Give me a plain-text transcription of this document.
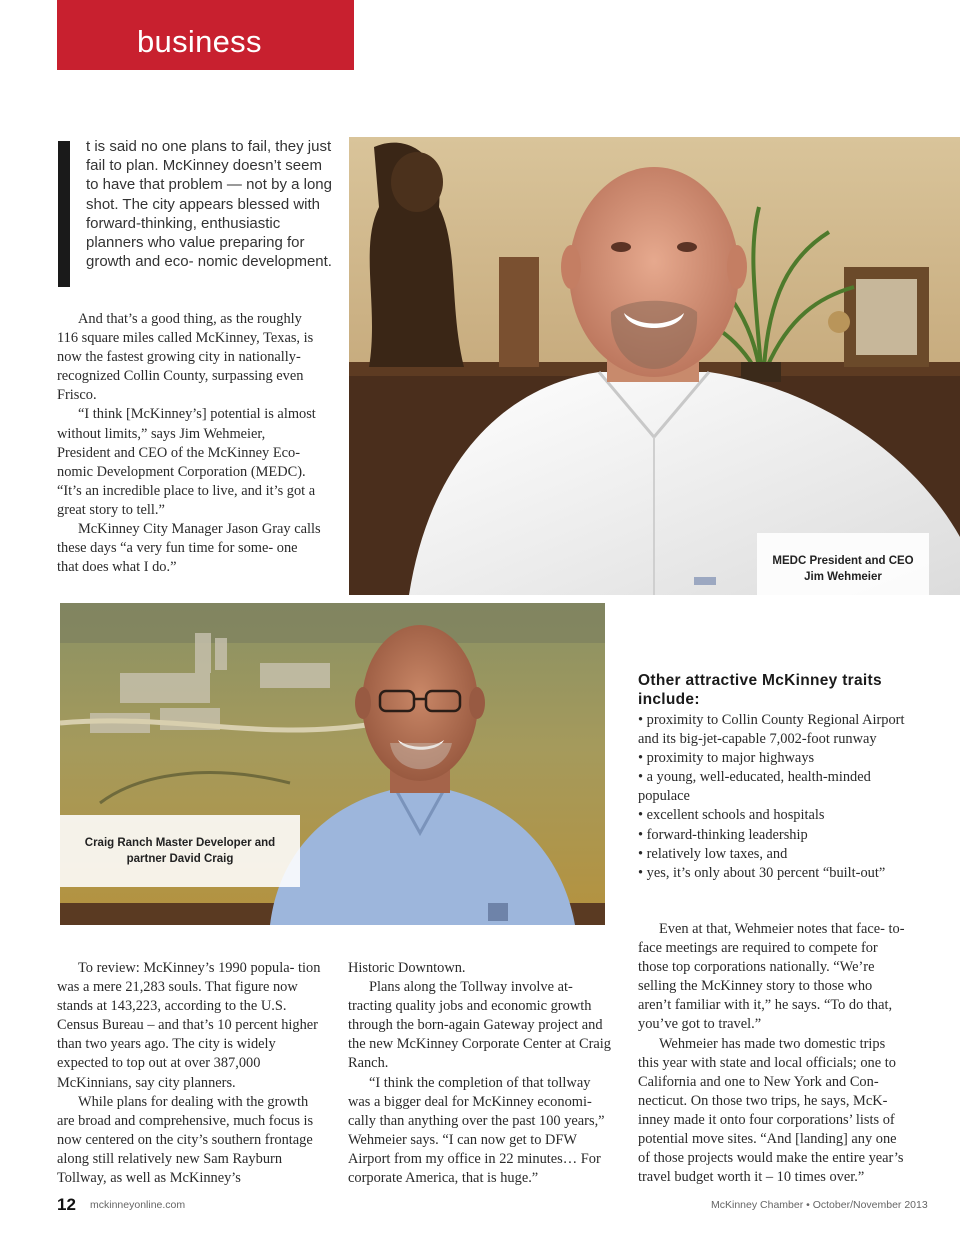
business

t is said no one plans to fail, they just fail to plan. McKinney doesn’t seem to have that problem — not by a long shot. The city appears blessed with forward-thinking, enthusiastic planners who value preparing for growth and eco- nomic development.

And that’s a good thing, as the roughly 116 square miles called McKinney, Texas, is now the fastest growing city in nationally-recognized Collin County, surpassing even Frisco.

“I think [McKinney’s] potential is almost without limits,” says Jim Wehmeier, President and CEO of the McKinney Eco- nomic Development Corporation (MEDC). “It’s an incredible place to live, and it’s got a great story to tell.”

McKinney City Manager Jason Gray calls these days “a very fun time for some- one that does what I do.”	MEDC President and CEO
Jim Wehmeier
Craig Ranch Master Developer and
partner David Craig
Other attractive McKinney traits include:
• proximity to Collin County Regional Airport and its big-jet-capable 7,002-foot runway
• proximity to major highways
• a young, well-educated, health-minded populace
• excellent schools and hospitals
• forward-thinking leadership
• relatively low taxes, and
• yes, it’s only about 30 percent “built-out”

To review: McKinney’s 1990 popula- tion was a mere 21,283 souls. That figure now stands at 143,223, according to the U.S. Census Bureau – and that’s 10 percent higher than two years ago. The city is widely expected to top out at over 387,000 McKinnians, say city planners.

While plans for dealing with the growth are broad and comprehensive, much focus is now centered on the city’s southern frontage along still relatively new Sam Rayburn Tollway, as well as McKinney’s

Historic Downtown.

Plans along the Tollway involve at- tracting quality jobs and economic growth through the born-again Gateway project and the new McKinney Corporate Center at Craig Ranch.

“I think the completion of that tollway was a bigger deal for McKinney economi- cally than anything over the past 100 years,” Wehmeier says. “I can now get to DFW Airport from my office in 22 minutes… For corporate America, that is huge.”

Even at that, Wehmeier notes that face- to-face meetings are required to compete for those top corporations nationally. “We’re selling the McKinney story to those who aren’t familiar with it,” he says. “To do that, you’ve got to travel.”

Wehmeier has made two domestic trips this year with state and local officials; one to California and one to New York and Con- necticut. On those two trips, he says, McK- inney made it onto four corporations’ lists of potential move sites. “And [landing] any one of those projects would make the entire year’s travel budget worth it – 10 times over.”

12 mckinneyonline.com	McKinney Chamber • October/November 2013
